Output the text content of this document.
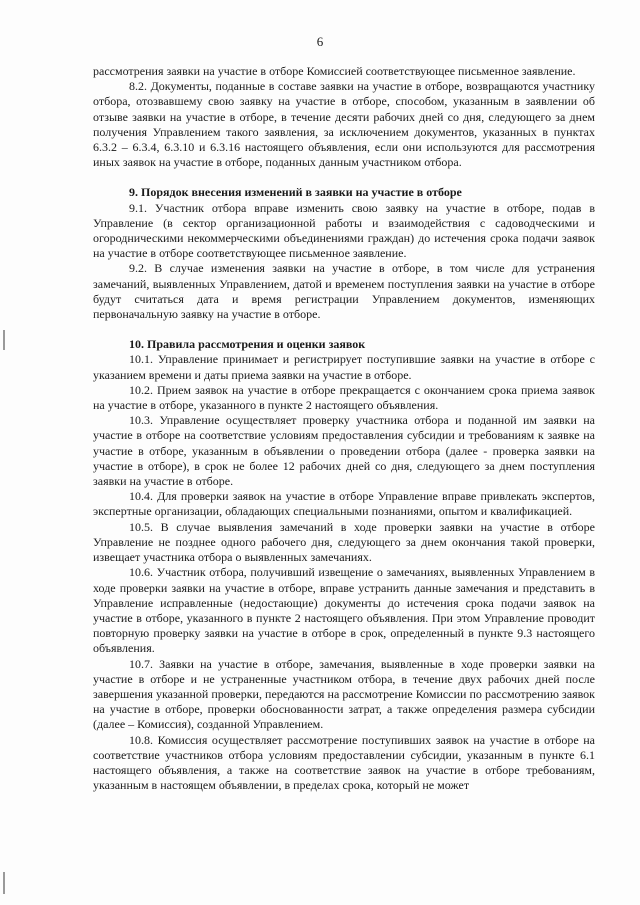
6

рассмотрения заявки на участие в отборе Комиссией соответствующее письменное заявление.

8.2. Документы, поданные в составе заявки на участие в отборе, возвращаются участнику отбора, отозвавшему свою заявку на участие в отборе, способом, указанным в заявлении об отзыве заявки на участие в отборе, в течение десяти рабочих дней со дня, следующего за днем получения Управлением такого заявления, за исключением документов, указанных в пунктах 6.3.2 – 6.3.4, 6.3.10 и 6.3.16 настоящего объявления, если они используются для рассмотрения иных заявок на участие в отборе, поданных данным участником отбора.

9. Порядок внесения изменений в заявки на участие в отборе

9.1. Участник отбора вправе изменить свою заявку на участие в отборе, подав в Управление (в сектор организационной работы и взаимодействия с садоводческими и огородническими некоммерческими объединениями граждан) до истечения срока подачи заявок на участие в отборе соответствующее письменное заявление.

9.2. В случае изменения заявки на участие в отборе, в том числе для устранения замечаний, выявленных Управлением, датой и временем поступления заявки на участие в отборе будут считаться дата и время регистрации Управлением документов, изменяющих первоначальную заявку на участие в отборе.

10. Правила рассмотрения и оценки заявок

10.1. Управление принимает и регистрирует поступившие заявки на участие в отборе с указанием времени и даты приема заявки на участие в отборе.

10.2. Прием заявок на участие в отборе прекращается с окончанием срока приема заявок на участие в отборе, указанного в пункте 2 настоящего объявления.

10.3. Управление осуществляет проверку участника отбора и поданной им заявки на участие в отборе на соответствие условиям предоставления субсидии и требованиям к заявке на участие в отборе, указанным в объявлении о проведении отбора (далее - проверка заявки на участие в отборе), в срок не более 12 рабочих дней со дня, следующего за днем поступления заявки на участие в отборе.

10.4. Для проверки заявок на участие в отборе Управление вправе привлекать экспертов, экспертные организации, обладающих специальными познаниями, опытом и квалификацией.

10.5. В случае выявления замечаний в ходе проверки заявки на участие в отборе Управление не позднее одного рабочего дня, следующего за днем окончания такой проверки, извещает участника отбора о выявленных замечаниях.

10.6. Участник отбора, получивший извещение о замечаниях, выявленных Управлением в ходе проверки заявки на участие в отборе, вправе устранить данные замечания и представить в Управление исправленные (недостающие) документы до истечения срока подачи заявок на участие в отборе, указанного в пункте 2 настоящего объявления. При этом Управление проводит повторную проверку заявки на участие в отборе в срок, определенный в пункте 9.3 настоящего объявления.

10.7. Заявки на участие в отборе, замечания, выявленные в ходе проверки заявки на участие в отборе и не устраненные участником отбора, в течение двух рабочих дней после завершения указанной проверки, передаются на рассмотрение Комиссии по рассмотрению заявок на участие в отборе, проверки обоснованности затрат, а также определения размера субсидии (далее – Комиссия), созданной Управлением.

10.8. Комиссия осуществляет рассмотрение поступивших заявок на участие в отборе на соответствие участников отбора условиям предоставлении субсидии, указанным в пункте 6.1 настоящего объявления, а также на соответствие заявок на участие в отборе требованиям, указанным в настоящем объявлении, в пределах срока, который не может
